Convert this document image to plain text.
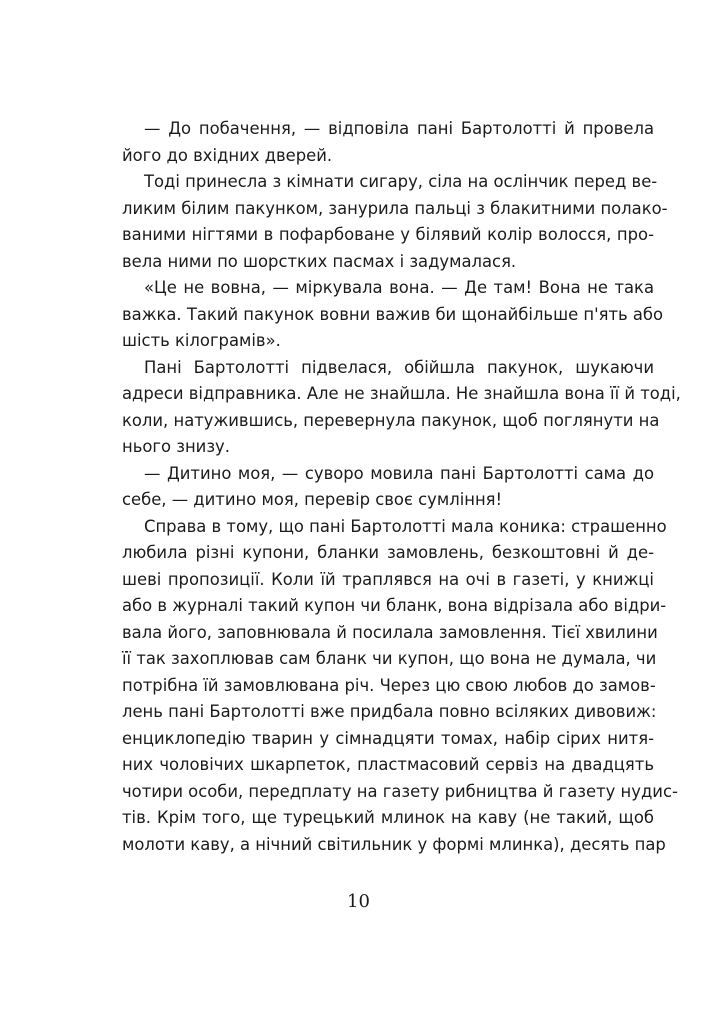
— До побачення, — відповіла пані Бартолотті й провела
його до вхідних дверей.
Тоді принесла з кімнати сигару, сіла на ослінчик перед ве-
ликим білим пакунком, занурила пальці з блакитними полако-
ваними нігтями в пофарбоване у білявий колір волосся, про-
вела ними по шорстких пасмах і задумалася.
«Це не вовна, — міркувала вона. — Де там! Вона не така
важка. Такий пакунок вовни важив би щонайбільше п'ять або
шість кілограмів».
Пані Бартолотті підвелася, обійшла пакунок, шукаючи
адреси відправника. Але не знайшла. Не знайшла вона її й тоді,
коли, натужившись, перевернула пакунок, щоб поглянути на
нього знизу.
— Дитино моя, — суворо мовила пані Бартолотті сама до
себе, — дитино моя, перевір своє сумління!
Справа в тому, що пані Бартолотті мала коника: страшенно
любила різні купони, бланки замовлень, безкоштовні й де-
шеві пропозиції. Коли їй траплявся на очі в газеті, у книжці
або в журналі такий купон чи бланк, вона відрізала або відри-
вала його, заповнювала й посилала замовлення. Тієї хвилини
її так захоплював сам бланк чи купон, що вона не думала, чи
потрібна їй замовлювана річ. Через цю свою любов до замов-
лень пані Бартолотті вже придбала повно всіляких дивовиж:
енциклопедію тварин у сімнадцяти томах, набір сірих нитя-
них чоловічих шкарпеток, пластмасовий сервіз на двадцять
чотири особи, передплату на газету рибництва й газету нудис-
тів. Крім того, ще турецький млинок на каву (не такий, щоб
молоти каву, а нічний світильник у формі млинка), десять пар
10
